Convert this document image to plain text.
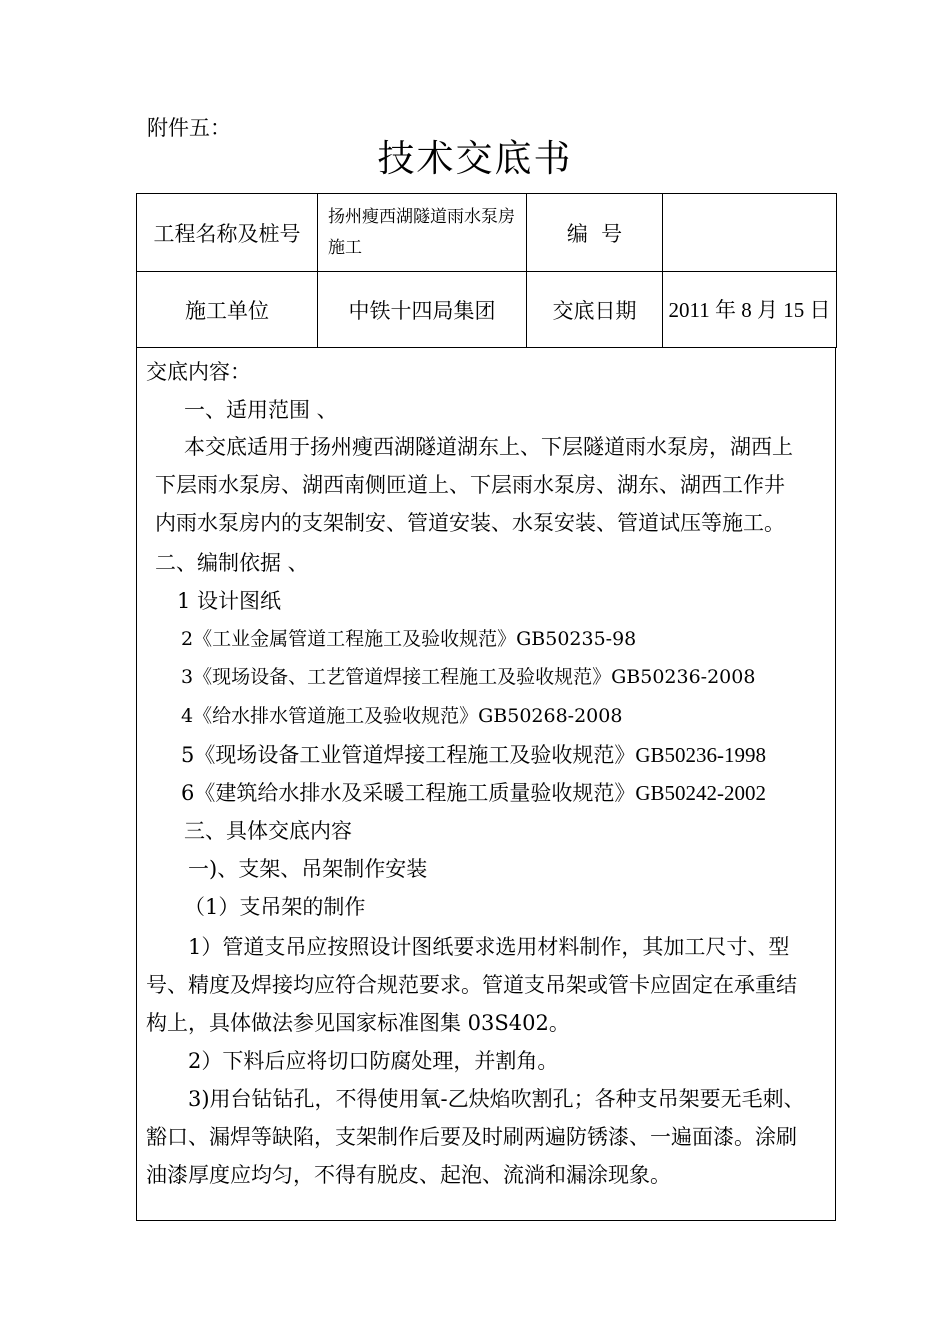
附件五：
技术交底书
工程名称及桩号	扬州瘦西湖隧道雨水泵房施工	编  号	
施工单位	中铁十四局集团	交底日期	2011 年 8 月 15 日
交底内容：
一、适用范围 、
本交底适用于扬州瘦西湖隧道湖东上、下层隧道雨水泵房，湖西上
下层雨水泵房、湖西南侧匝道上、下层雨水泵房、湖东、湖西工作井
内雨水泵房内的支架制安、管道安装、水泵安装、管道试压等施工。
二、编制依据 、
1 设计图纸
2《工业金属管道工程施工及验收规范》GB50235-98
3《现场设备、工艺管道焊接工程施工及验收规范》GB50236-2008
4《给水排水管道施工及验收规范》GB50268-2008
5《现场设备工业管道焊接工程施工及验收规范》GB50236-1998
6《建筑给水排水及采暖工程施工质量验收规范》GB50242-2002
三、具体交底内容
一)、支架、吊架制作安装
（1）支吊架的制作
1）管道支吊应按照设计图纸要求选用材料制作，其加工尺寸、型
号、精度及焊接均应符合规范要求。管道支吊架或管卡应固定在承重结
构上，具体做法参见国家标准图集 03S402。
2）下料后应将切口防腐处理，并割角。
3)用台钻钻孔，不得使用氧-乙炔焰吹割孔；各种支吊架要无毛刺、
豁口、漏焊等缺陷，支架制作后要及时刷两遍防锈漆、一遍面漆。涂刷
油漆厚度应均匀，不得有脱皮、起泡、流淌和漏涂现象。
